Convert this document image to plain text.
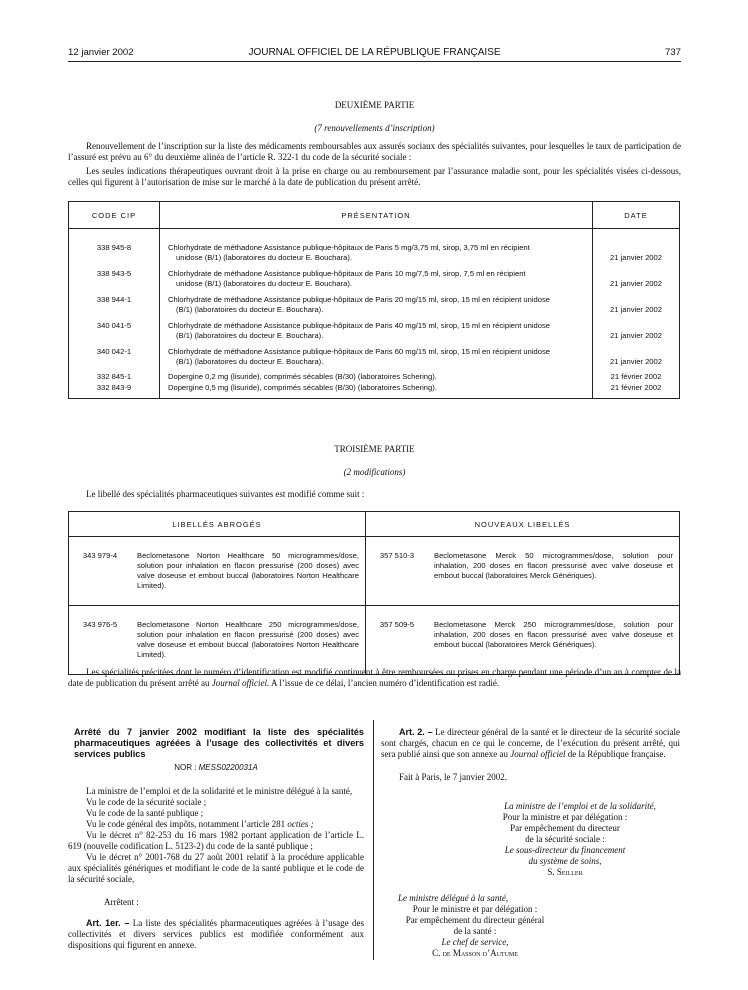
12 janvier 2002	JOURNAL OFFICIEL DE LA RÉPUBLIQUE FRANÇAISE	737
DEUXIÈME PARTIE
(7 renouvellements d’inscription)
Renouvellement de l’inscription sur la liste des médicaments remboursables aux assurés sociaux des spécialités suivantes, pour lesquelles le taux de participation de l’assuré est prévu au 6° du deuxième alinéa de l’article R. 322-1 du code de la sécurité sociale :
Les seules indications thérapeutiques ouvrant droit à la prise en charge ou au remboursement par l’assurance maladie sont, pour les spécialités visées ci-dessous, celles qui figurent à l’autorisation de mise sur le marché à la date de publication du présent arrêté.
CODE CIP	PRÉSENTATION	DATE
338 945-8	Chlorhydrate de méthadone Assistance publique-hôpitaux de Paris 5 mg/3,75 ml, sirop, 3,75 ml en récipient
unidose (B/1) (laboratoires du docteur E. Bouchara).	21 janvier 2002
338 943-5	Chlorhydrate de méthadone Assistance publique-hôpitaux de Paris 10 mg/7,5 ml, sirop, 7,5 ml en récipient
unidose (B/1) (laboratoires du docteur E. Bouchara).	21 janvier 2002
338 944-1	Chlorhydrate de méthadone Assistance publique-hôpitaux de Paris 20 mg/15 ml, sirop, 15 ml en récipient unidose
(B/1) (laboratoires du docteur E. Bouchara).	21 janvier 2002
340 041-5	Chlorhydrate de méthadone Assistance publique-hôpitaux de Paris 40 mg/15 ml, sirop, 15 ml en récipient unidose
(B/1) (laboratoires du docteur E. Bouchara).	21 janvier 2002
340 042-1	Chlorhydrate de méthadone Assistance publique-hôpitaux de Paris 60 mg/15 ml, sirop, 15 ml en récipient unidose
(B/1) (laboratoires du docteur E. Bouchara).	21 janvier 2002
332 845-1	Dopergine 0,2 mg (lisuride), comprimés sécables (B/30) (laboratoires Schering).	21 février 2002
332 843-9	Dopergine 0,5 mg (lisuride), comprimés sécables (B/30) (laboratoires Schering).	21 février 2002
TROISIÈME PARTIE
(2 modifications)
Le libellé des spécialités pharmaceutiques suivantes est modifié comme suit :
LIBELLÉS ABROGÉS		NOUVEAUX LIBELLÉS	
343 979-4	Beclometasone Norton Healthcare 50 microgrammes/dose, solution pour inhalation en flacon pressurisé (200 doses) avec valve doseuse et embout buccal (laboratoires Norton Healthcare Limited).	357 510-3	Beclometasone Merck 50 microgrammes/dose, solution pour inhalation, 200 doses en flacon pressurisé avec valve doseuse et embout buccal (laboratoires Merck Génériques).
343 976-5	Beclometasone Norton Healthcare 250 microgrammes/dose, solution pour inhalation en flacon pressurisé (200 doses) avec valve doseuse et embout buccal (laboratoires Norton Healthcare Limited).	357 509-5	Beclometasone Merck 250 microgrammes/dose, solution pour inhalation, 200 doses en flacon pressurisé avec valve doseuse et embout buccal (laboratoires Merck Génériques).
Les spécialités précitées dont le numéro d’identification est modifié continuent à être remboursées ou prises en charge pendant une période d’un an à compter de la date de publication du présent arrêté au Journal officiel. A l’issue de ce délai, l’ancien numéro d’identification est radié.
Arrêté du 7 janvier 2002 modifiant la liste des spécialités pharmaceutiques agréées à l’usage des collectivités et divers services publics
NOR : MESS0220031A
La ministre de l’emploi et de la solidarité et le ministre délégué à la santé,
Vu le code de la sécurité sociale ;
Vu le code de la santé publique ;
Vu le code général des impôts, notamment l’article 281 octies ;
Vu le décret n° 82-253 du 16 mars 1982 portant application de l’article L. 619 (nouvelle codification L. 5123-2) du code de la santé publique ;
Vu le décret n° 2001-768 du 27 août 2001 relatif à la procédure applicable aux spécialités génériques et modifiant le code de la santé publique et le code de la sécurité sociale,
Arrêtent :
Art. 1er. – La liste des spécialités pharmaceutiques agréées à l’usage des collectivités et divers services publics est modifiée conformément aux dispositions qui figurent en annexe.
Art. 2. – Le directeur général de la santé et le directeur de la sécurité sociale sont chargés, chacun en ce qui le concerne, de l’exécution du présent arrêté, qui sera publié ainsi que son annexe au Journal officiel de la République française.
Fait à Paris, le 7 janvier 2002.
La ministre de l’emploi et de la solidarité,
Pour la ministre et par délégation :
Par empêchement du directeur
de la sécurité sociale :
Le sous-directeur du financement
du système de soins,
S. Seiller
Le ministre délégué à la santé,
Pour le ministre et par délégation :
Par empêchement du directeur général
de la santé :
Le chef de service,
C. de Masson d’Autume
